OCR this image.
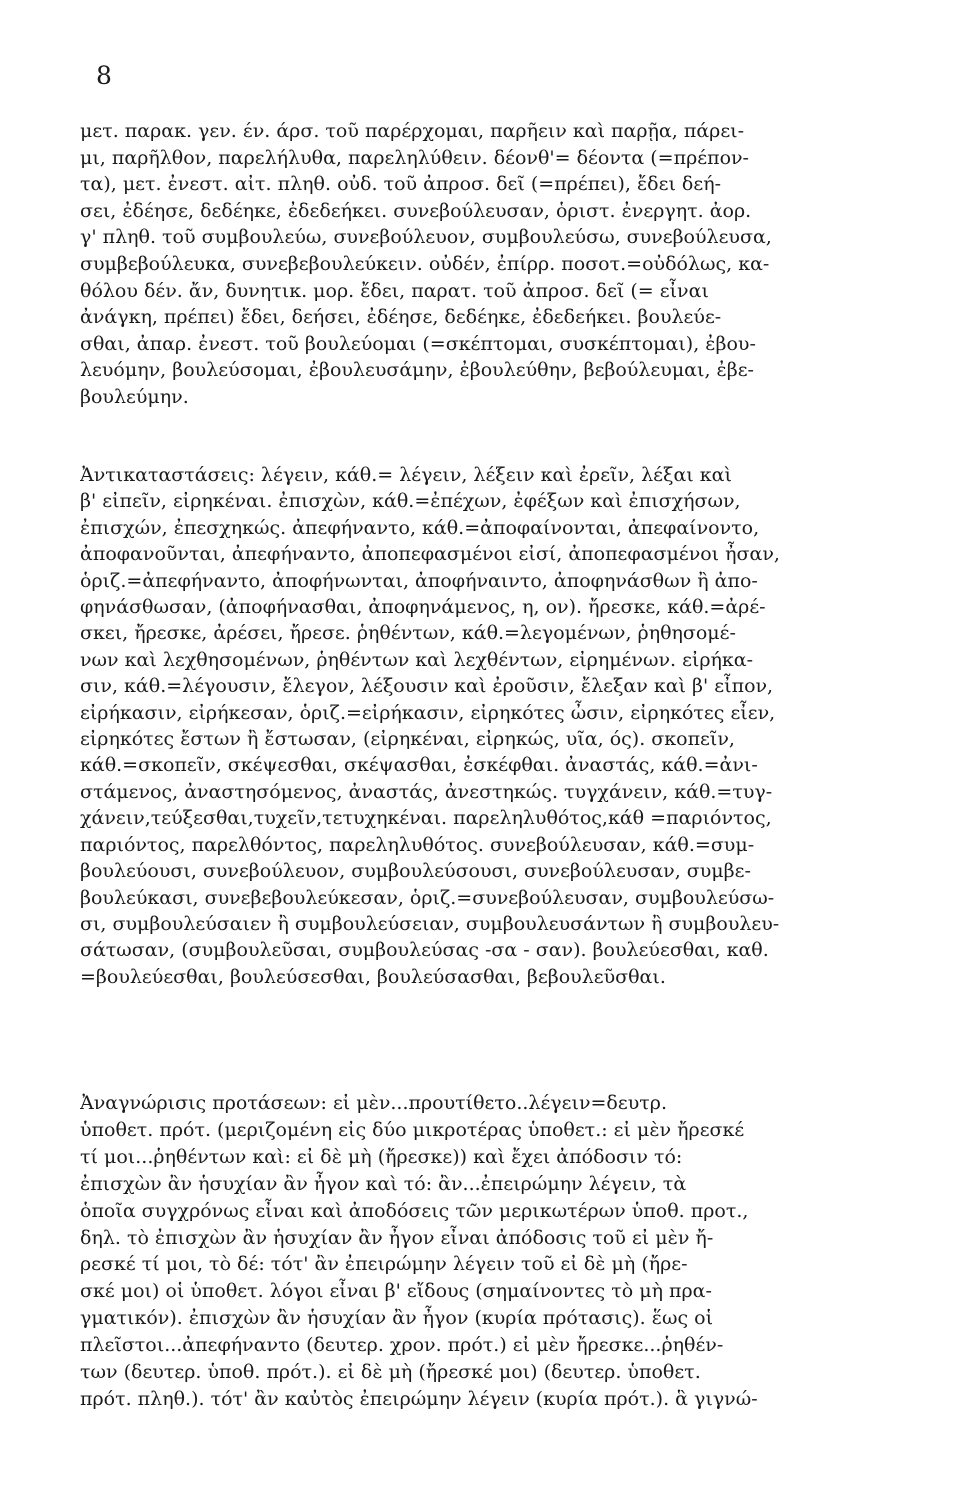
8
μετ. παρακ. γεν. έν. άρσ. τοῦ παρέρχομαι, παρῆειν καὶ παρῇα, πάρει-
μι, παρῆλθον, παρελήλυθα, παρεληλύθειν. δέονθ'= δέοντα (=πρέπον-
τα), μετ. ἐνεστ. αἰτ. πληθ. οὐδ. τοῦ ἀπροσ. δεῖ (=πρέπει), ἔδει δεή-
σει, ἐδέησε, δεδέηκε, ἐδεδεήκει. συνεβούλευσαν, ὁριστ. ἐνεργητ. ἀορ.
γ' πληθ. τοῦ συμβουλεύω, συνεβούλευον, συμβουλεύσω, συνεβούλευσα,
συμβεβούλευκα, συνεβεβουλεύκειν. οὐδέν, ἐπίρρ. ποσοτ.=οὐδόλως, κα-
θόλου δέν. ἄν, δυνητικ. μορ. ἔδει, παρατ. τοῦ ἀπροσ. δεῖ (= εἶναι
ἀνάγκη, πρέπει) ἔδει, δεήσει, ἐδέησε, δεδέηκε, ἐδεδεήκει. βουλεύε-
σθαι, ἀπαρ. ἐνεστ. τοῦ βουλεύομαι (=σκέπτομαι, συσκέπτομαι), ἐβου-
λευόμην, βουλεύσομαι, ἐβουλευσάμην, ἐβουλεύθην, βεβούλευμαι, ἐβε-
βουλεύμην.
Ἀντικαταστάσεις: λέγειν, κάθ.= λέγειν, λέξειν καὶ ἐρεῖν, λέξαι καὶ
β' εἰπεῖν, εἰρηκέναι. ἐπισχὼν, κάθ.=ἐπέχων, ἐφέξων καὶ ἐπισχήσων,
ἐπισχών, ἐπεσχηκώς. ἀπεφήναντο, κάθ.=ἀποφαίνονται, ἀπεφαίνοντο,
ἀποφανοῦνται, ἀπεφήναντο, ἀποπεφασμένοι εἰσί, ἀποπεφασμένοι ἦσαν,
ὁριζ.=ἀπεφήναντο, ἀποφήνωνται, ἀποφήναιντο, ἀποφηνάσθων ἢ ἀπο-
φηνάσθωσαν, (ἀποφήνασθαι, ἀποφηνάμενος, η, ον). ἤρεσκε, κάθ.=ἀρέ-
σκει, ἤρεσκε, ἀρέσει, ἤρεσε. ῥηθέντων, κάθ.=λεγομένων, ῥηθησομέ-
νων καὶ λεχθησομένων, ῥηθέντων καὶ λεχθέντων, εἰρημένων. εἰρήκα-
σιν, κάθ.=λέγουσιν, ἔλεγον, λέξουσιν καὶ ἐροῦσιν, ἔλεξαν καὶ β' εἶπον,
εἰρήκασιν, εἰρήκεσαν, ὁριζ.=εἰρήκασιν, εἰρηκότες ὦσιν, εἰρηκότες εἶεν,
εἰρηκότες ἔστων ἢ ἔστωσαν, (εἰρηκέναι, εἰρηκώς, υῖα, ός). σκοπεῖν,
κάθ.=σκοπεῖν, σκέψεσθαι, σκέψασθαι, ἐσκέφθαι. ἀναστάς, κάθ.=ἀνι-
στάμενος, ἀναστησόμενος, ἀναστάς, ἀνεστηκώς. τυγχάνειν, κάθ.=τυγ-
χάνειν,τεύξεσθαι,τυχεῖν,τετυχηκέναι. παρεληλυθότος,κάθ =παριόντος,
παριόντος, παρελθόντος, παρεληλυθότος. συνεβούλευσαν, κάθ.=συμ-
βουλεύουσι, συνεβούλευον, συμβουλεύσουσι, συνεβούλευσαν, συμβε-
βουλεύκασι, συνεβεβουλεύκεσαν, ὁριζ.=συνεβούλευσαν, συμβουλεύσω-
σι, συμβουλεύσαιεν ἢ συμβουλεύσειαν, συμβουλευσάντων ἢ συμβουλευ-
σάτωσαν, (συμβουλεῦσαι, συμβουλεύσας -σα - σαν). βουλεύεσθαι, καθ.
=βουλεύεσθαι, βουλεύσεσθαι, βουλεύσασθαι, βεβουλεῦσθαι.
Ἀναγνώρισις προτάσεων: εἰ μὲν...προυτίθετο..λέγειν=δευτρ.
ὑποθετ. πρότ. (μεριζομένη εἰς δύο μικροτέρας ὑποθετ.: εἰ μὲν ἤρεσκέ
τί μοι...ῥηθέντων καὶ: εἰ δὲ μὴ (ἤρεσκε)) καὶ ἔχει ἀπόδοσιν τό:
ἐπισχὼν ἂν ἡσυχίαν ἂν ἦγον καὶ τό: ἂν...ἐπειρώμην λέγειν, τὰ
ὁποῖα συγχρόνως εἶναι καὶ ἀποδόσεις τῶν μερικωτέρων ὑποθ. προτ.,
δηλ. τὸ ἐπισχὼν ἂν ἡσυχίαν ἂν ἦγον εἶναι ἀπόδοσις τοῦ εἰ μὲν ἤ-
ρεσκέ τί μοι, τὸ δέ: τότ' ἂν ἐπειρώμην λέγειν τοῦ εἰ δὲ μὴ (ἤρε-
σκέ μοι) οἱ ὑποθετ. λόγοι εἶναι β' εἴδους (σημαίνοντες τὸ μὴ πρα-
γματικόν). ἐπισχὼν ἂν ἡσυχίαν ἂν ἦγον (κυρία πρότασις). ἕως οἱ
πλεῖστοι...ἀπεφήναντο (δευτερ. χρον. πρότ.) εἰ μὲν ἤρεσκε...ῥηθέν-
των (δευτερ. ὑποθ. πρότ.). εἰ δὲ μὴ (ἤρεσκέ μοι) (δευτερ. ὑποθετ.
πρότ. πληθ.). τότ' ἂν καὐτὸς ἐπειρώμην λέγειν (κυρία πρότ.). ἃ γιγνώ-
